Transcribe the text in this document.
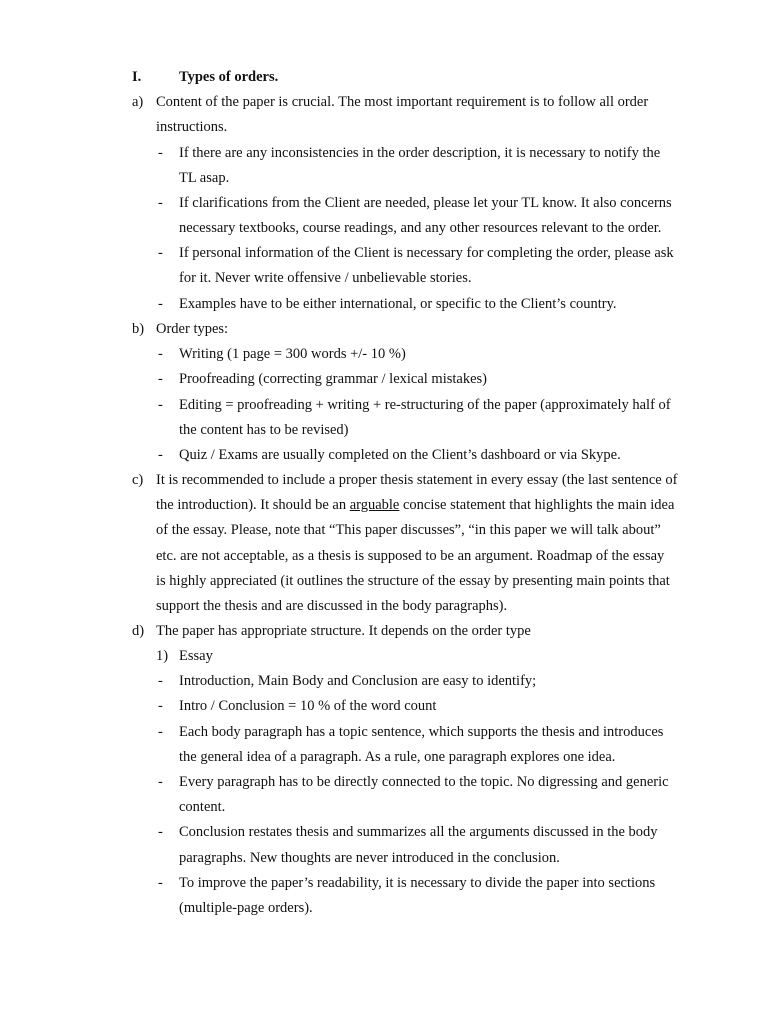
I.	Types of orders.
a) Content of the paper is crucial. The most important requirement is to follow all order
instructions.
- If there are any inconsistencies in the order description, it is necessary to notify the
TL asap.
- If clarifications from the Client are needed, please let your TL know. It also concerns
necessary textbooks, course readings, and any other resources relevant to the order.
- If personal information of the Client is necessary for completing the order, please ask
for it. Never write offensive / unbelievable stories.
- Examples have to be either international, or specific to the Client’s country.
b) Order types:
- Writing (1 page = 300 words +/- 10 %)
- Proofreading (correcting grammar / lexical mistakes)
- Editing = proofreading + writing + re-structuring of the paper (approximately half of
the content has to be revised)
- Quiz / Exams are usually completed on the Client’s dashboard or via Skype.
c) It is recommended to include a proper thesis statement in every essay (the last sentence of
the introduction). It should be an arguable concise statement that highlights the main idea
of the essay. Please, note that “This paper discusses”, “in this paper we will talk about”
etc. are not acceptable, as a thesis is supposed to be an argument. Roadmap of the essay
is highly appreciated (it outlines the structure of the essay by presenting main points that
support the thesis and are discussed in the body paragraphs).
d) The paper has appropriate structure. It depends on the order type
1) Essay
- Introduction, Main Body and Conclusion are easy to identify;
- Intro / Conclusion = 10 % of the word count
- Each body paragraph has a topic sentence, which supports the thesis and introduces
the general idea of a paragraph. As a rule, one paragraph explores one idea.
- Every paragraph has to be directly connected to the topic. No digressing and generic
content.
- Conclusion restates thesis and summarizes all the arguments discussed in the body
paragraphs. New thoughts are never introduced in the conclusion.
- To improve the paper’s readability, it is necessary to divide the paper into sections
(multiple-page orders).
